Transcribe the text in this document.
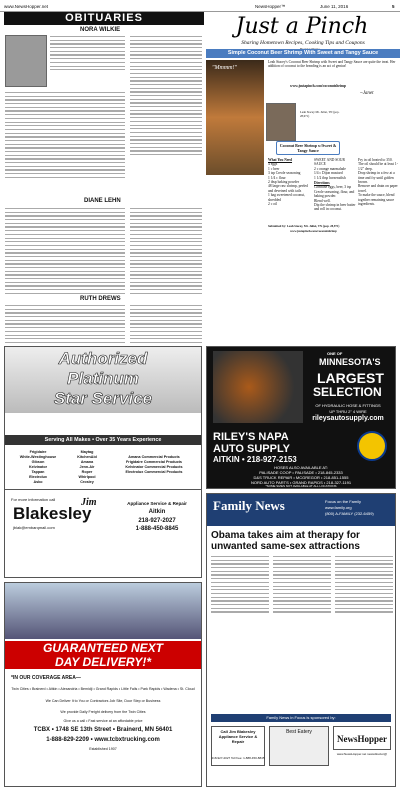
www.NewsHopper.net	NewsHopper™	June 11, 2016	5
OBITUARIES
NORA WILKIE
DIANE LEHN
RUTH DREWS
Just a Pinch
Sharing Hometown Recipes, Cooking Tips and Coupons
Simple Coconut Beer Shrimp With Sweet and Tangy Sauce
"Mmmm!"
Leah Stacey's Coconut Beer Shrimp with Sweet and Tangy Sauce are quite the treat. Her addition of coconut to the breading is an act of genius!
www.justapinch.com/coconutshrimp
~Janet
Leah Stacey Mt. Juliet, TN (pop. 28,971)
Coconut Beer Shrimp w/Sweet & Tangy Sauce
What You Need
4 eggs
1 c beer
3 tsp Creole seasoning
1 1/4 c flour
2 tbsp baking powder
48 large raw shrimp, peeled and deveined with tails
1 bag sweetened coconut, shredded
2 c oil
SWEET AND SOUR SAUCE
2 c orange marmalade
1/4 c Dijon mustard
1 1/2 tbsp horseradish
Directions
Combine eggs, beer, 3 tsp Creole seasoning, flour, and baking powder.
Blend well.
Dip the shrimp in beer batter and roll in coconut.
Fry in oil heated to 350.
The oil should be at least 1-1/2" deep.
Drop shrimp in a few at a time and fry until golden brown.
Remove and drain on paper towel.
To make the sauce, blend together remaining sauce ingredients.
Submitted by: Leah Stacey, Mt. Juliet, TN (pop. 28,971)
www.justapinch.com/coconutshrimp
Authorized
Platinum
Star Service
Serving All Makes • Over 35 Years Experience
Frigidaire
White-Westinghouse
Gibson
Kelvinator
Tappan
Electrolux
Asko
Maytag
KitchenAid
Amana
Jenn-Air
Roper
Whirlpool
Crosley
Amana Commercial Products
Frigidaire Commercial Products
Kelvinator Commercial Products
Electrolux Commercial Products
For more information call	Jim
Blakesley
jblak@embarqmail.com
Appliance Service & Repair
Aitkin
218-927-2027
1-888-450-8845
ONE OF
MINNESOTA'S
LARGEST
SELECTION
OF HYDRAULIC HOSE & FITTINGS
UP THRU 2" 4 WIRE
rileysautosupply.com
RILEY'S NAPA
AUTO SUPPLY
AITKIN • 218-927-2153
HOSES ALSO AVAILABLE AT:
PALISADE COOP • PALISADE • 218-845-2333
D&S TRUCK REPAIR • MCGREGOR • 218-851-1555
NORD AUTO PARTS • GRAND RAPIDS • 218-327-1191
*SOME SIZES NOT AVAILABLE AT ALL LOCATIONS
GUARANTEED NEXT
DAY DELIVERY!*
*IN OUR COVERAGE AREA—
Twin Cities • Brainerd • Aitkin • Alexandria • Bemidji • Grand Rapids • Little Falls • Park Rapids • Wadena • St. Cloud
We Can Deliver It to You or Contractors Job Site, Door Step or Business
We provide Daily Freight delivery from the Twin Cities
Give us a call • Fast service at an affordable price
TCBX • 1748 SE 13th Street • Brainerd, MN 56401
1-888-829-2209 • www.tcbxtrucking.com
Established 1907
Family News	Focus on the Family
www.family.org
(800) A-FAMILY (232-6459)
Obama takes aim at therapy for unwanted same-sex attractions
Family News in Focus is sponsored by:
Call Jim Blakesley Appliance Service & Repair
218-927-2027 Toll free: 1-888-450-8845
Best Eatery
NewsHopper
www.NewsHopper.net newsdirector@
